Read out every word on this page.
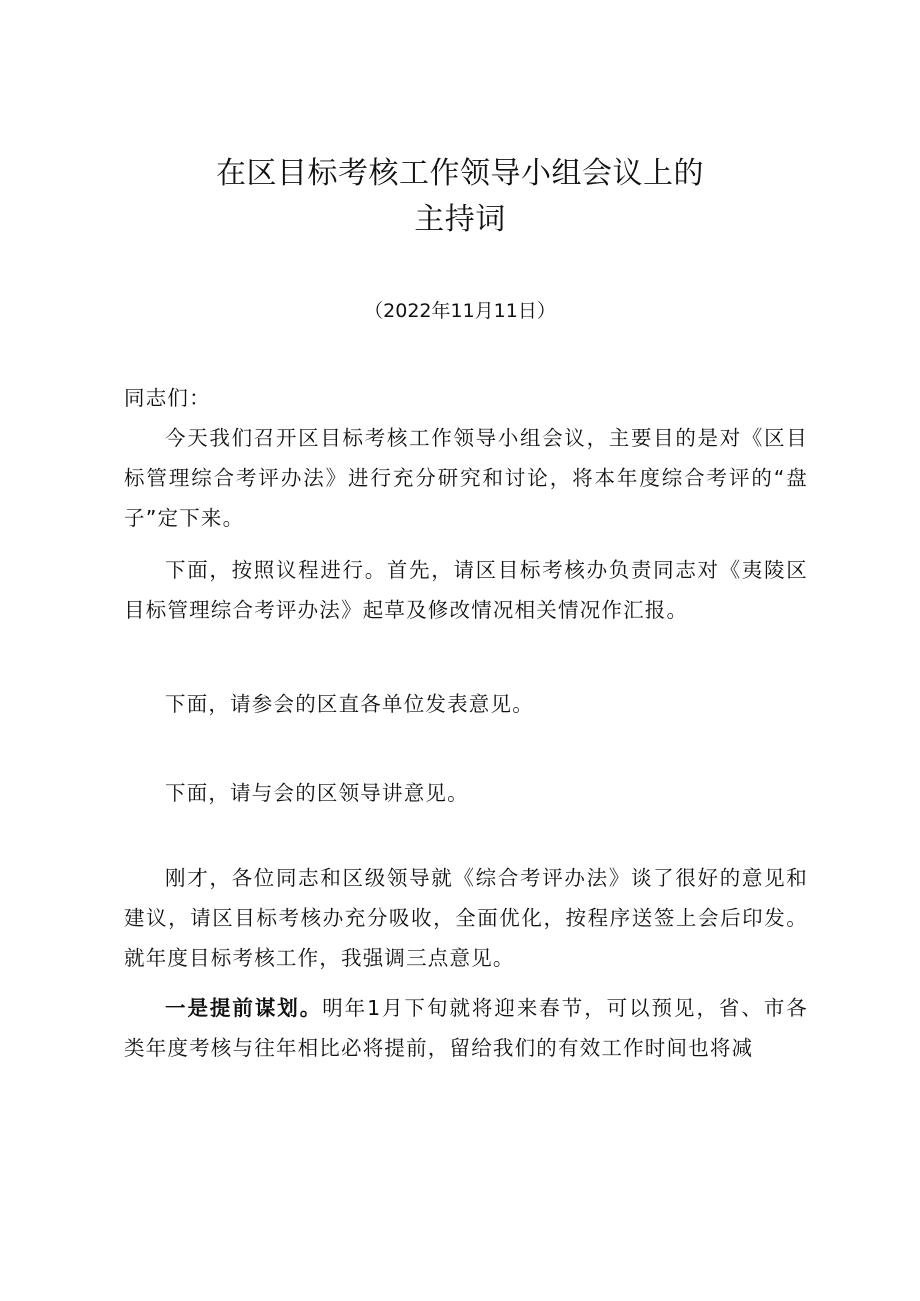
在区目标考核工作领导小组会议上的
主持词
（2022年11月11日）

同志们：

今天我们召开区目标考核工作领导小组会议，主要目的是对《区目标管理综合考评办法》进行充分研究和讨论，将本年度综合考评的“盘子”定下来。

下面，按照议程进行。首先，请区目标考核办负责同志对《夷陵区目标管理综合考评办法》起草及修改情况相关情况作汇报。

下面，请参会的区直各单位发表意见。

下面，请与会的区领导讲意见。

刚才，各位同志和区级领导就《综合考评办法》谈了很好的意见和建议，请区目标考核办充分吸收，全面优化，按程序送签上会后印发。就年度目标考核工作，我强调三点意见。

一是提前谋划。明年1月下旬就将迎来春节，可以预见，省、市各类年度考核与往年相比必将提前，留给我们的有效工作时间也将减
